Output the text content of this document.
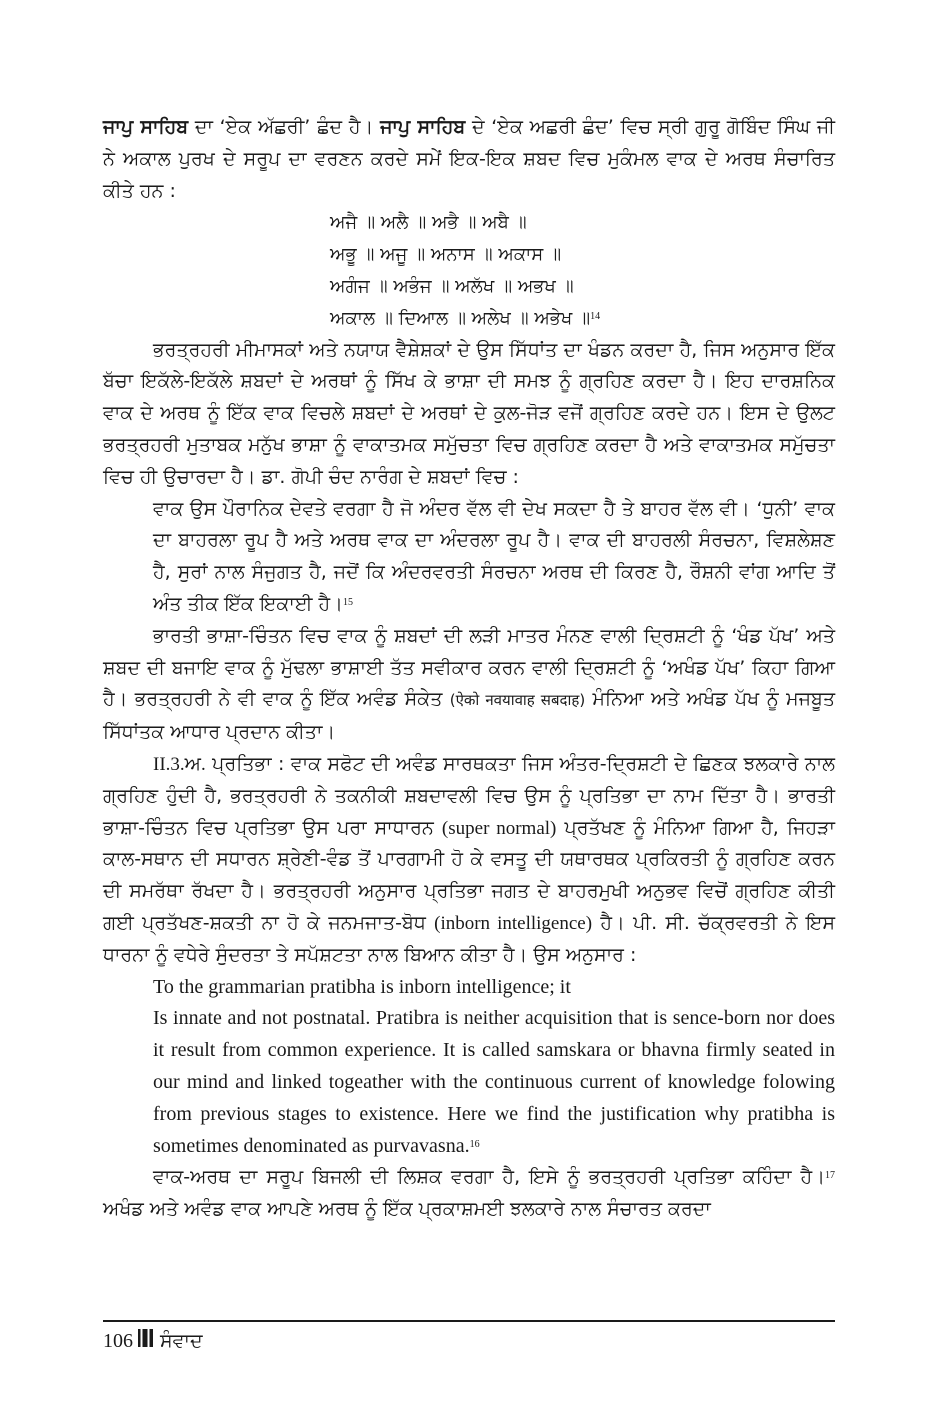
ਜਾਪੁ ਸਾਹਿਬ ਦਾ ‘ਏਕ ਅੱਛਰੀ’ ਛੰਦ ਹੈ। ਜਾਪੁ ਸਾਹਿਬ ਦੇ ‘ਏਕ ਅਛਰੀ ਛੰਦ’ ਵਿਚ ਸ੍ਰੀ ਗੁਰੂ ਗੋਬਿੰਦ ਸਿੰਘ ਜੀ ਨੇ ਅਕਾਲ ਪੁਰਖ ਦੇ ਸਰੂਪ ਦਾ ਵਰਣਨ ਕਰਦੇ ਸਮੇਂ ਇਕ-ਇਕ ਸ਼ਬਦ ਵਿਚ ਮੁਕੰਮਲ ਵਾਕ ਦੇ ਅਰਥ ਸੰਚਾਰਿਤ ਕੀਤੇ ਹਨ :

ਅਜੈ ॥ ਅਲੈ ॥ ਅਭੈ ॥ ਅਬੈ ॥
ਅਭੂ ॥ ਅਜੂ ॥ ਅਨਾਸ ॥ ਅਕਾਸ ॥
ਅਗੰਜ ॥ ਅਭੰਜ ॥ ਅਲੱਖ ॥ ਅਭਖ ॥
ਅਕਾਲ ॥ ਦਿਆਲ ॥ ਅਲੇਖ ॥ ਅਭੇਖ ॥$^{14}$

ਭਰਤ੍ਰਹਰੀ ਮੀਮਾਸਕਾਂ ਅਤੇ ਨਯਾਯ ਵੈਸ਼ੇਸ਼ਕਾਂ ਦੇ ਉਸ ਸਿੱਧਾਂਤ ਦਾ ਖੰਡਨ ਕਰਦਾ ਹੈ, ਜਿਸ ਅਨੁਸਾਰ ਇੱਕ ਬੱਚਾ ਇਕੱਲੇ-ਇਕੱਲੇ ਸ਼ਬਦਾਂ ਦੇ ਅਰਥਾਂ ਨੂੰ ਸਿੱਖ ਕੇ ਭਾਸ਼ਾ ਦੀ ਸਮਝ ਨੂੰ ਗ੍ਰਹਿਣ ਕਰਦਾ ਹੈ। ਇਹ ਦਾਰਸ਼ਨਿਕ ਵਾਕ ਦੇ ਅਰਥ ਨੂੰ ਇੱਕ ਵਾਕ ਵਿਚਲੇ ਸ਼ਬਦਾਂ ਦੇ ਅਰਥਾਂ ਦੇ ਕੁਲ-ਜੋੜ ਵਜੋਂ ਗ੍ਰਹਿਣ ਕਰਦੇ ਹਨ। ਇਸ ਦੇ ਉਲਟ ਭਰਤ੍ਰਹਰੀ ਮੁਤਾਬਕ ਮਨੁੱਖ ਭਾਸ਼ਾ ਨੂੰ ਵਾਕਾਤਮਕ ਸਮੁੱਚਤਾ ਵਿਚ ਗ੍ਰਹਿਣ ਕਰਦਾ ਹੈ ਅਤੇ ਵਾਕਾਤਮਕ ਸਮੁੱਚਤਾ ਵਿਚ ਹੀ ਉਚਾਰਦਾ ਹੈ। ਡਾ. ਗੋਪੀ ਚੰਦ ਨਾਰੰਗ ਦੇ ਸ਼ਬਦਾਂ ਵਿਚ :

ਵਾਕ ਉਸ ਪੌਰਾਨਿਕ ਦੇਵਤੇ ਵਰਗਾ ਹੈ ਜੋ ਅੰਦਰ ਵੱਲ ਵੀ ਦੇਖ ਸਕਦਾ ਹੈ ਤੇ ਬਾਹਰ ਵੱਲ ਵੀ। ‘ਧੁਨੀ’ ਵਾਕ ਦਾ ਬਾਹਰਲਾ ਰੂਪ ਹੈ ਅਤੇ ਅਰਥ ਵਾਕ ਦਾ ਅੰਦਰਲਾ ਰੂਪ ਹੈ। ਵਾਕ ਦੀ ਬਾਹਰਲੀ ਸੰਰਚਨਾ, ਵਿਸ਼ਲੇਸ਼ਣ ਹੈ, ਸੁਰਾਂ ਨਾਲ ਸੰਜੁਗਤ ਹੈ, ਜਦੋਂ ਕਿ ਅੰਦਰਵਰਤੀ ਸੰਰਚਨਾ ਅਰਥ ਦੀ ਕਿਰਣ ਹੈ, ਰੌਸ਼ਨੀ ਵਾਂਗ ਆਦਿ ਤੋਂ ਅੰਤ ਤੀਕ ਇੱਕ ਇਕਾਈ ਹੈ।$^{15}$

ਭਾਰਤੀ ਭਾਸ਼ਾ-ਚਿੰਤਨ ਵਿਚ ਵਾਕ ਨੂੰ ਸ਼ਬਦਾਂ ਦੀ ਲੜੀ ਮਾਤਰ ਮੰਨਣ ਵਾਲੀ ਦ੍ਰਿਸ਼ਟੀ ਨੂੰ ‘ਖੰਡ ਪੱਖ’ ਅਤੇ ਸ਼ਬਦ ਦੀ ਬਜਾਇ ਵਾਕ ਨੂੰ ਮੁੱਢਲਾ ਭਾਸ਼ਾਈ ਤੱਤ ਸਵੀਕਾਰ ਕਰਨ ਵਾਲੀ ਦ੍ਰਿਸ਼ਟੀ ਨੂੰ ‘ਅਖੰਡ ਪੱਖ’ ਕਿਹਾ ਗਿਆ ਹੈ। ਭਰਤ੍ਰਹਰੀ ਨੇ ਵੀ ਵਾਕ ਨੂੰ ਇੱਕ ਅਵੰਡ ਸੰਕੇਤ (ऐको नवयावाह सबदाह) ਮੰਨਿਆ ਅਤੇ ਅਖੰਡ ਪੱਖ ਨੂੰ ਮਜਬੂਤ ਸਿੱਧਾਂਤਕ ਆਧਾਰ ਪ੍ਰਦਾਨ ਕੀਤਾ।

II.3.ਅ. ਪ੍ਰਤਿਭਾ : ਵਾਕ ਸਫੋਟ ਦੀ ਅਵੰਡ ਸਾਰਥਕਤਾ ਜਿਸ ਅੰਤਰ-ਦ੍ਰਿਸ਼ਟੀ ਦੇ ਛਿਣਕ ਝਲਕਾਰੇ ਨਾਲ ਗ੍ਰਹਿਣ ਹੁੰਦੀ ਹੈ, ਭਰਤ੍ਰਹਰੀ ਨੇ ਤਕਨੀਕੀ ਸ਼ਬਦਾਵਲੀ ਵਿਚ ਉਸ ਨੂੰ ਪ੍ਰਤਿਭਾ ਦਾ ਨਾਮ ਦਿੱਤਾ ਹੈ। ਭਾਰਤੀ ਭਾਸ਼ਾ-ਚਿੰਤਨ ਵਿਚ ਪ੍ਰਤਿਭਾ ਉਸ ਪਰਾ ਸਾਧਾਰਨ (super normal) ਪ੍ਰਤੱਖਣ ਨੂੰ ਮੰਨਿਆ ਗਿਆ ਹੈ, ਜਿਹੜਾ ਕਾਲ-ਸਥਾਨ ਦੀ ਸਧਾਰਨ ਸ਼੍ਰੇਣੀ-ਵੰਡ ਤੋਂ ਪਾਰਗਾਮੀ ਹੋ ਕੇ ਵਸਤੂ ਦੀ ਯਥਾਰਥਕ ਪ੍ਰਕਿਰਤੀ ਨੂੰ ਗ੍ਰਹਿਣ ਕਰਨ ਦੀ ਸਮਰੱਥਾ ਰੱਖਦਾ ਹੈ। ਭਰਤ੍ਰਹਰੀ ਅਨੁਸਾਰ ਪ੍ਰਤਿਭਾ ਜਗਤ ਦੇ ਬਾਹਰਮੁਖੀ ਅਨੁਭਵ ਵਿਚੋਂ ਗ੍ਰਹਿਣ ਕੀਤੀ ਗਈ ਪ੍ਰਤੱਖਣ-ਸ਼ਕਤੀ ਨਾ ਹੋ ਕੇ ਜਨਮਜਾਤ-ਬੋਧ (inborn intelligence) ਹੈ। ਪੀ. ਸੀ. ਚੱਕ੍ਰਵਰਤੀ ਨੇ ਇਸ ਧਾਰਨਾ ਨੂੰ ਵਧੇਰੇ ਸੁੰਦਰਤਾ ਤੇ ਸਪੱਸ਼ਟਤਾ ਨਾਲ ਬਿਆਨ ਕੀਤਾ ਹੈ। ਉਸ ਅਨੁਸਾਰ :

To the grammarian pratibha is inborn intelligence; it
Is innate and not postnatal. Pratibra is neither acquisition that is sence-born nor does it result from common experience. It is called samskara or bhavna firmly seated in our mind and linked togeather with the continuous current of knowledge folowing from previous stages to existence. Here we find the justification why pratibha is sometimes denominated as purvavasna.$^{16}$

ਵਾਕ-ਅਰਥ ਦਾ ਸਰੂਪ ਬਿਜਲੀ ਦੀ ਲਿਸ਼ਕ ਵਰਗਾ ਹੈ, ਇਸੇ ਨੂੰ ਭਰਤ੍ਰਹਰੀ ਪ੍ਰਤਿਭਾ ਕਹਿੰਦਾ ਹੈ।$^{17}$ ਅਖੰਡ ਅਤੇ ਅਵੰਡ ਵਾਕ ਆਪਣੇ ਅਰਥ ਨੂੰ ਇੱਕ ਪ੍ਰਕਾਸ਼ਮਈ ਝਲਕਾਰੇ ਨਾਲ ਸੰਚਾਰਤ ਕਰਦਾ

106 ਸੰਵਾਦ
